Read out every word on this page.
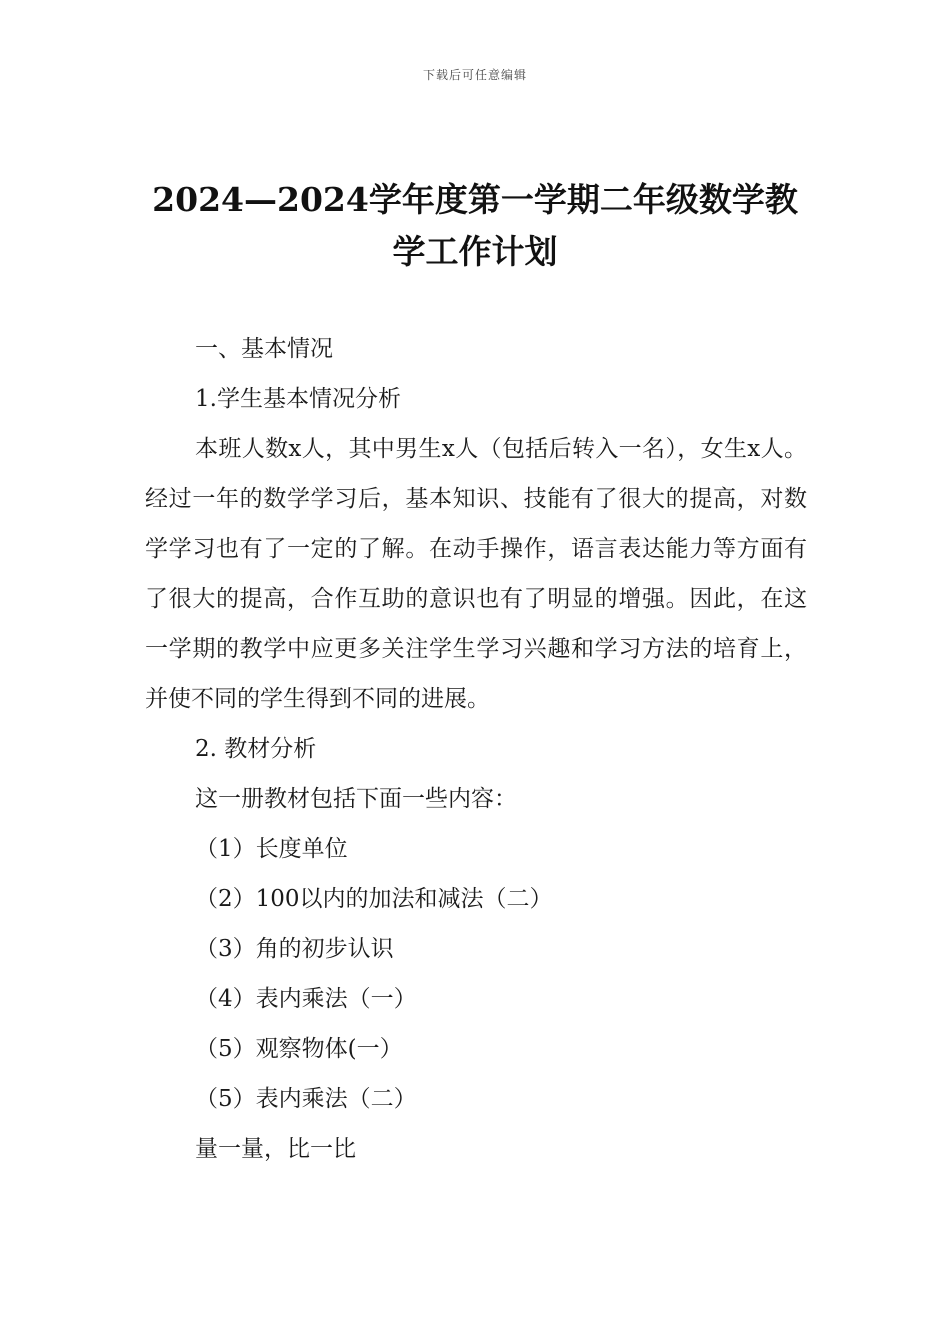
下载后可任意编辑
2024—2024学年度第一学期二年级数学教学工作计划

一、基本情况

1.学生基本情况分析

本班人数x人，其中男生x人（包括后转入一名），女生x人。经过一年的数学学习后，基本知识、技能有了很大的提高，对数学学习也有了一定的了解。在动手操作，语言表达能力等方面有了很大的提高，合作互助的意识也有了明显的增强。因此，在这一学期的教学中应更多关注学生学习兴趣和学习方法的培育上，并使不同的学生得到不同的进展。

2. 教材分析

这一册教材包括下面一些内容：

（1）长度单位

（2）100以内的加法和减法（二）

（3）角的初步认识

（4）表内乘法（一）

（5）观察物体(一）

（5）表内乘法（二）

量一量，比一比
